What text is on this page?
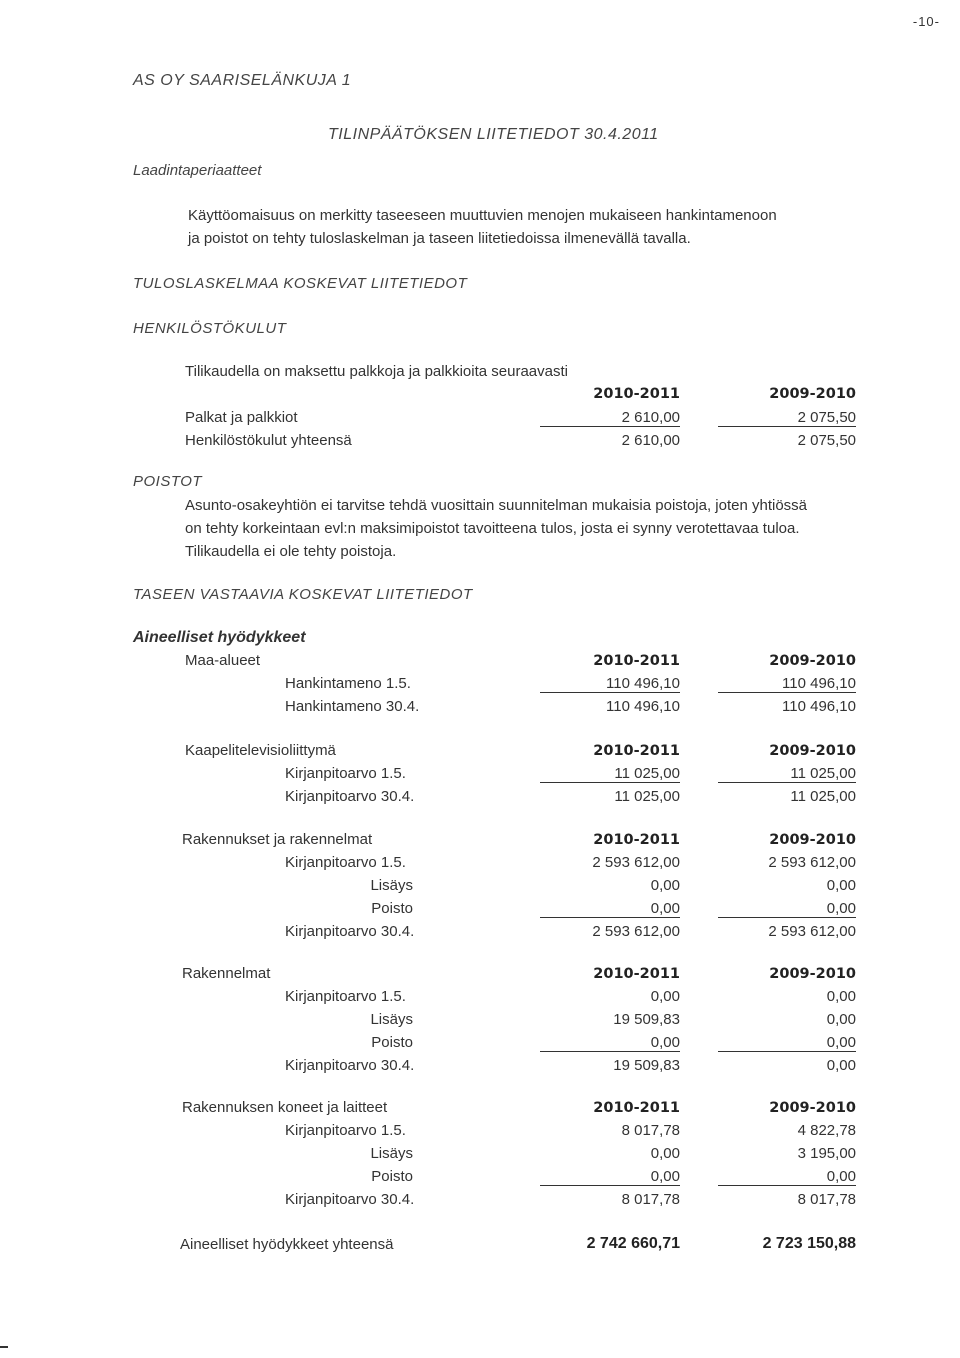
-10-
AS OY SAARISELÄNKUJA 1
TILINPÄÄTÖKSEN LIITETIEDOT 30.4.2011
Laadintaperiaatteet
Käyttöomaisuus on merkitty taseeseen muuttuvien menojen mukaiseen hankintamenoon
ja poistot on tehty tuloslaskelman ja taseen liitetiedoissa ilmenevällä tavalla.
TULOSLASKELMAA KOSKEVAT LIITETIEDOT
HENKILÖSTÖKULUT
Tilikaudella on maksettu palkkoja ja palkkioita seuraavasti
2010-2011	2009-2010
Palkat ja palkkiot	2 610,00	2 075,50
Henkilöstökulut yhteensä	2 610,00	2 075,50
POISTOT
Asunto-osakeyhtiön ei tarvitse tehdä vuosittain suunnitelman mukaisia poistoja, joten yhtiössä
on tehty korkeintaan evl:n maksimipoistot tavoitteena tulos, josta ei synny verotettavaa tuloa.
Tilikaudella ei ole tehty poistoja.
TASEEN VASTAAVIA KOSKEVAT LIITETIEDOT
Aineelliset hyödykkeet
Maa-alueet	2010-2011	2009-2010
Hankintameno 1.5.	110 496,10	110 496,10
Hankintameno 30.4.	110 496,10	110 496,10
Kaapelitelevisioliittymä	2010-2011	2009-2010
Kirjanpitoarvo 1.5.	11 025,00	11 025,00
Kirjanpitoarvo 30.4.	11 025,00	11 025,00
Rakennukset ja rakennelmat	2010-2011	2009-2010
Kirjanpitoarvo 1.5.	2 593 612,00	2 593 612,00
Lisäys	0,00	0,00
Poisto	0,00	0,00
Kirjanpitoarvo 30.4.	2 593 612,00	2 593 612,00
Rakennelmat	2010-2011	2009-2010
Kirjanpitoarvo 1.5.	0,00	0,00
Lisäys	19 509,83	0,00
Poisto	0,00	0,00
Kirjanpitoarvo 30.4.	19 509,83	0,00
Rakennuksen koneet ja laitteet	2010-2011	2009-2010
Kirjanpitoarvo 1.5.	8 017,78	4 822,78
Lisäys	0,00	3 195,00
Poisto	0,00	0,00
Kirjanpitoarvo 30.4.	8 017,78	8 017,78
Aineelliset hyödykkeet yhteensä	2 742 660,71	2 723 150,88
